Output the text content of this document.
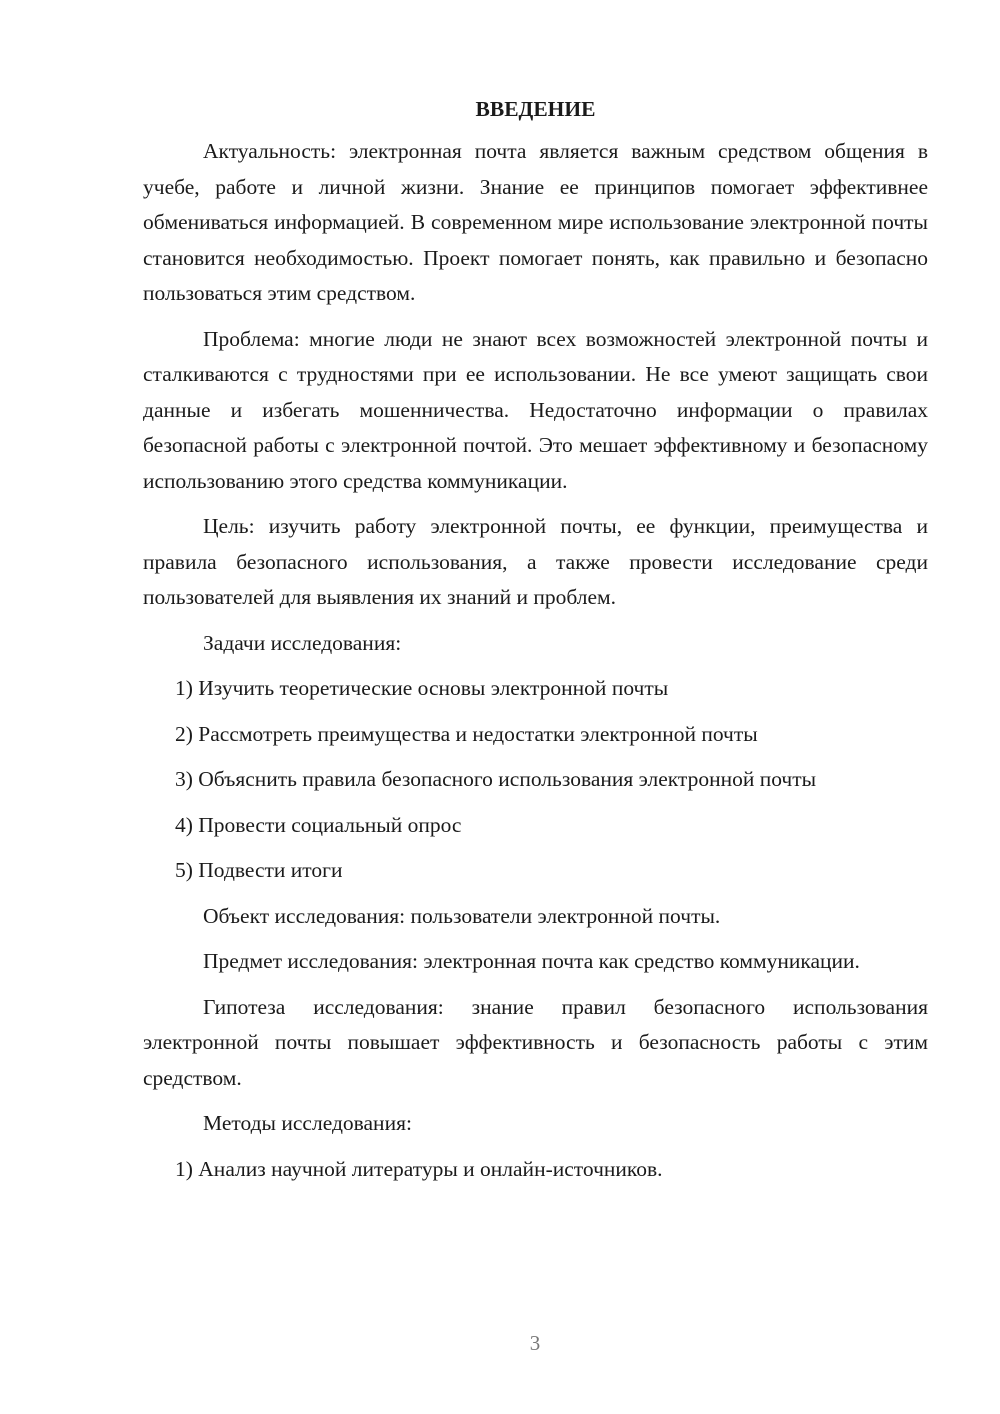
ВВЕДЕНИЕ

Актуальность: электронная почта является важным средством общения в учебе, работе и личной жизни. Знание ее принципов помогает эффективнее обмениваться информацией. В современном мире использование электронной почты становится необходимостью. Проект помогает понять, как правильно и безопасно пользоваться этим средством.

Проблема: многие люди не знают всех возможностей электронной почты и сталкиваются с трудностями при ее использовании. Не все умеют защищать свои данные и избегать мошенничества. Недостаточно информации о правилах безопасной работы с электронной почтой. Это мешает эффективному и безопасному использованию этого средства коммуникации.

Цель: изучить работу электронной почты, ее функции, преимущества и правила безопасного использования, а также провести исследование среди пользователей для выявления их знаний и проблем.

Задачи исследования:
1) Изучить теоретические основы электронной почты
2) Рассмотреть преимущества и недостатки электронной почты
3) Объяснить правила безопасного использования электронной почты
4) Провести социальный опрос
5) Подвести итоги
Объект исследования: пользователи электронной почты.

Предмет исследования: электронная почта как средство коммуникации.

Гипотеза исследования: знание правил безопасного использования электронной почты повышает эффективность и безопасность работы с этим средством.

Методы исследования:
1) Анализ научной литературы и онлайн-источников.
3
